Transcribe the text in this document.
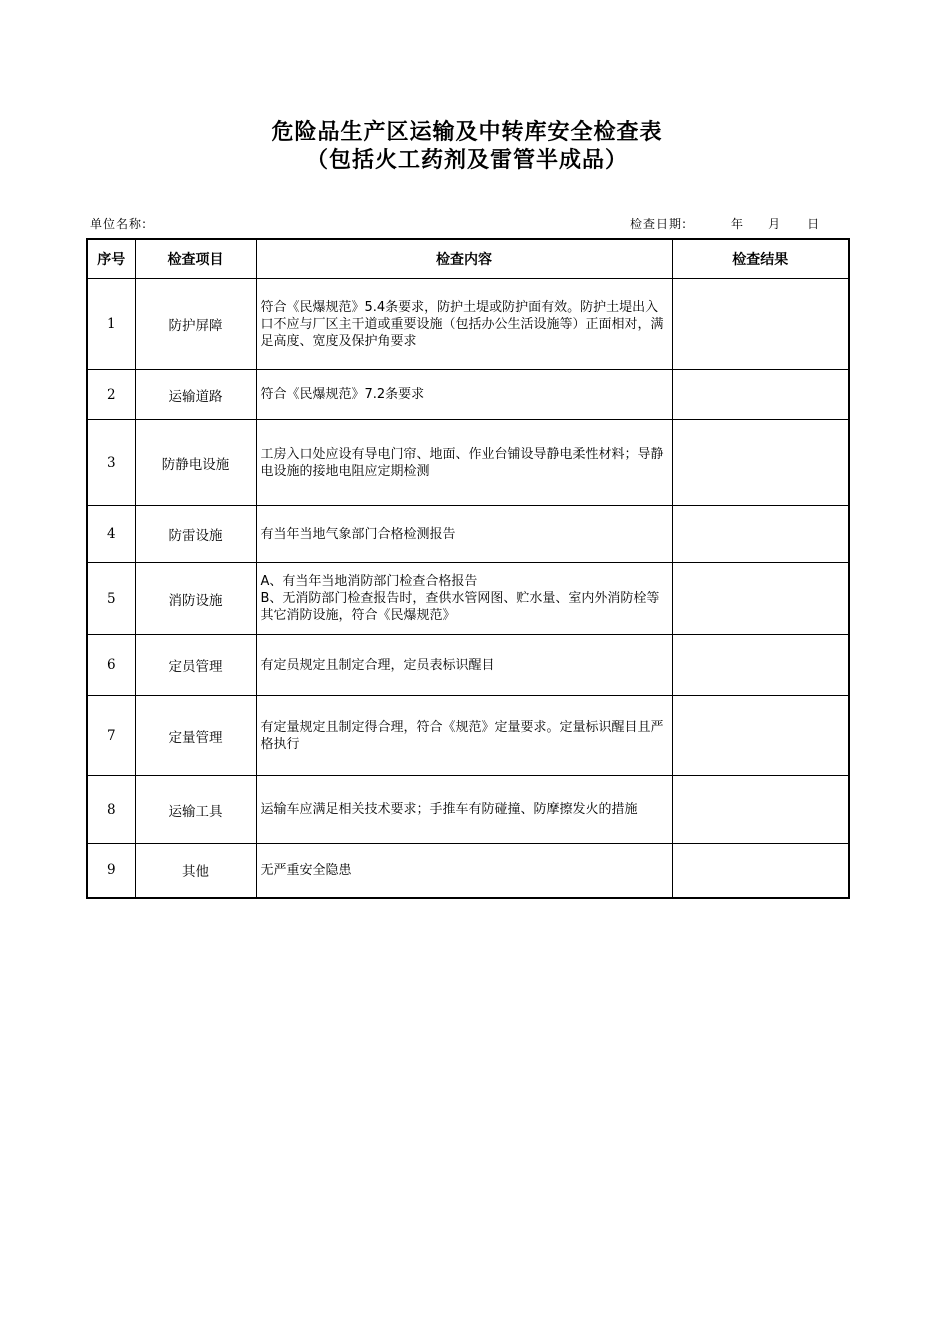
危险品生产区运输及中转库安全检查表
（包括火工药剂及雷管半成品）
单位名称:	检查日期:	年 月 日
序号	检查项目	检查内容	检查结果
1	防护屏障	符合《民爆规范》5.4条要求，防护土堤或防护面有效。防护土堤出入口不应与厂区主干道或重要设施（包括办公生活设施等）正面相对，满足高度、宽度及保护角要求	
2	运输道路	符合《民爆规范》7.2条要求	
3	防静电设施	工房入口处应设有导电门帘、地面、作业台铺设导静电柔性材料；导静电设施的接地电阻应定期检测	
4	防雷设施	有当年当地气象部门合格检测报告	
5	消防设施	A、有当年当地消防部门检查合格报告
B、无消防部门检查报告时，查供水管网图、贮水量、室内外消防栓等其它消防设施，符合《民爆规范》	
6	定员管理	有定员规定且制定合理，定员表标识醒目	
7	定量管理	有定量规定且制定得合理，符合《规范》定量要求。定量标识醒目且严格执行	
8	运输工具	运输车应满足相关技术要求；手推车有防碰撞、防摩擦发火的措施	
9	其他	无严重安全隐患	
